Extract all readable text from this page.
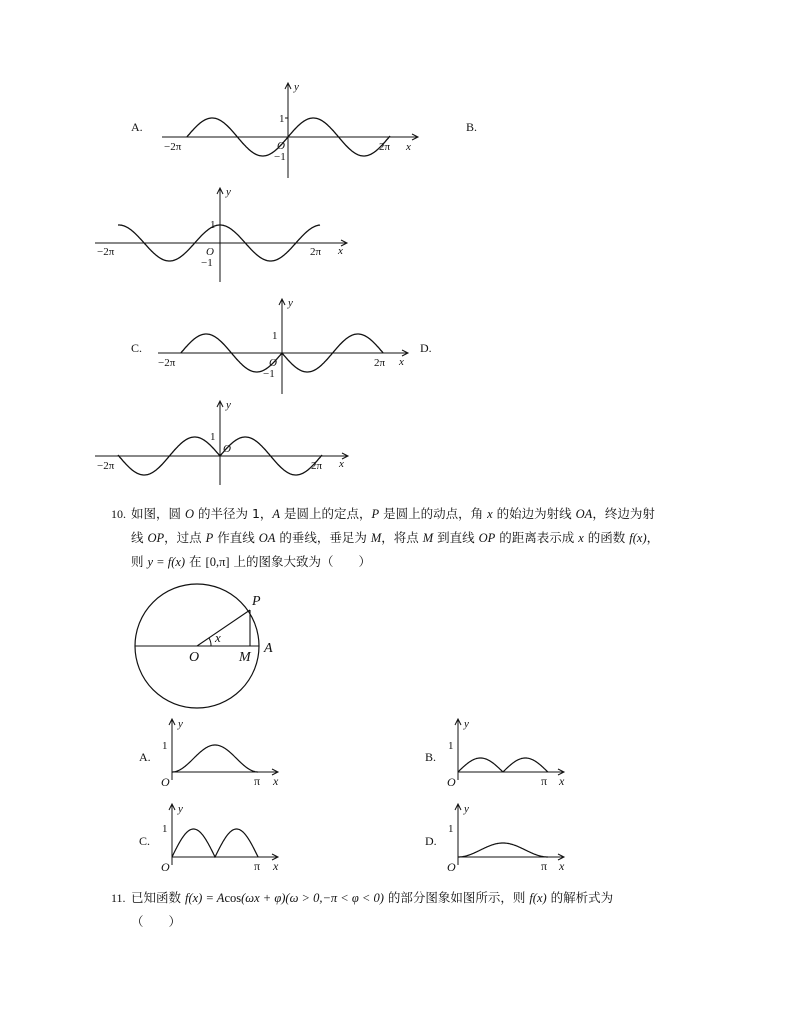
A.	B.
C.	D.
y
x
O
1
−1
−2π	2π
y
x
O
1
−1
−2π	2π
y
x
O
1
−1
−2π	2π
y
x
O
1
−2π	2π
10. 如图，圆 O 的半径为 1，A 是圆上的定点，P 是圆上的动点，角 x 的始边为射线 OA，终边为射
线 OP，过点 P 作直线 OA 的垂线，垂足为 M，将点 M 到直线 OP 的距离表示成 x 的函数 f(x)，
则 y = f(x) 在 [0,π] 上的图象大致为（　　）
P
O	M
A
x
A.	B.
C.	D.
y
x
O
1
π
y
x
O
1
π
y
x
O
1
π
y
x
O
1
π
11. 已知函数 f(x) = Acos(ωx + φ)(ω > 0,−π < φ < 0) 的部分图象如图所示，则 f(x) 的解析式为
（　　）
